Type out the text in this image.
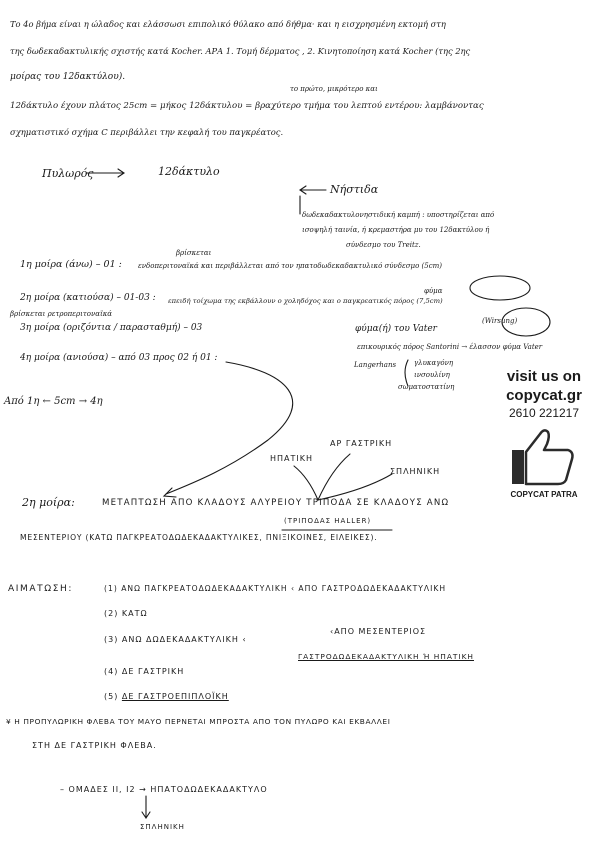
Το 4ο βήμα είναι η ώλαδος και ελάσσωσι επιπολικό θύλακο από δήθμα· και η εισχρησμένη εκτομή στη
της δωδεκαδακτυλικής σχιστής κατά Kocher. ΑΡΑ 1. Τομή δέρματος , 2. Κινητοποίηση κατά Kocher (της 2ης
μοίρας του 12δακτύλου).
το πρώτο, μικρότερο και
12δάκτυλο έχουν πλάτος 25cm = μήκος 12δάκτυλου = βραχύτερο τμήμα του λεπτού εντέρου: λαμβάνοντας
σχηματιστικό σχήμα C περιβάλλει την κεφαλή του παγκρέατος.
Πυλωρός	12δάκτυλο
Νήστιδα
δωδεκαδακτυλονηστιδική καμπή : υποστηρίζεται από
ισοψηλή ταινία, ή κρεμαστήρα μυ του 12δακτύλου ή
σύνδεσμο του Treitz.
βρίσκεται
1η μοίρα (άνω) – 01 : ενδοπεριτοναϊκά και περιβάλλεται από τον ηπατοδωδεκαδακτυλικό σύνδεσμο (5cm)
2η μοίρα (κατιούσα) – 01-03 : επειδή τοίχωμα της εκβάλλουν ο χοληδόχος και ο παγκρεατικός πόρος (7,5cm)
βρίσκεται ρετροπεριτοναϊκά
φύμα
(Wirsung)
φύμα(ή) του Vater
3η μοίρα (οριζόντια / παρασταθμή) – 03
επικουρικός πόρος Santorini → έλασσον φύμα Vater
Langerhans	γλυκαγόνη
ινσουλίνη
σωματοστατίνη
4η μοίρα (ανιούσα) – από 03 προς 02 ή 01 :
Από 1η ← 5cm → 4η
ΑΡ ΓΑΣΤΡΙΚΗ
ΗΠΑΤΙΚΗ
ΣΠΛΗΝΙΚΗ
2η μοίρα:	ΜΕΤΑΠΤΩΣΗ ΑΠΟ ΚΛΑΔΟΥΣ ΑΛΥΡΕΙΟΥ ΤΡΙΠΟΔΑ ΣΕ ΚΛΑΔΟΥΣ ΑΝΩ
(ΤΡΙΠΟΔΑΣ HALLER)
ΜΕΣΕΝΤΕΡΙΟΥ (ΚΑΤΩ ΠΑΓΚΡΕΑΤΟΔΩΔΕΚΑΔΑΚΤΥΛΙΚΕΣ, ΠΝΙΞΙΚΟΙΝΕΣ, ΕΙΛΕΙΚΕΣ).
ΑΙΜΑΤΩΣΗ:	(1) ΑΝΩ ΠΑΓΚΡΕΑΤΟΔΩΔΕΚΑΔΑΚΤΥΛΙΚΗ ‹ ΑΠΟ ΓΑΣΤΡΟΔΩΔΕΚΑΔΑΚΤΥΛΙΚΗ
(2) ΚΑΤΩ
‹ΑΠΟ ΜΕΣΕΝΤΕΡΙΟΣ
(3) ΑΝΩ ΔΩΔΕΚΑΔΑΚΤΥΛΙΚΗ ‹
ΓΑΣΤΡΟΔΩΔΕΚΑΔΑΚΤΥΛΙΚΗ Ή ΗΠΑΤΙΚΗ
(4) ΔΕ ΓΑΣΤΡΙΚΗ
(5) ΔΕ ΓΑΣΤΡΟΕΠΙΠΛΟΪΚΗ
¥ Η ΠΡΟΠΥΛΩΡΙΚΗ ΦΛΕΒΑ ΤΟΥ ΜΑΥΟ ΠΕΡΝΕΤΑΙ ΜΠΡΟΣΤΑ ΑΠΟ ΤΟΝ ΠΥΛΩΡΟ ΚΑΙ ΕΚΒΑΛΛΕΙ
ΣΤΗ ΔΕ ΓΑΣΤΡΙΚΗ ΦΛΕΒΑ.
– ΟΜΑΔΕΣ II, I2 → ΗΠΑΤΟΔΩΔΕΚΑΔΑΚΤΥΛΟ
ΣΠΛΗΝΙΚΗ
visit us on
copycat.gr
2610 221217
COPYCAT PATRA
